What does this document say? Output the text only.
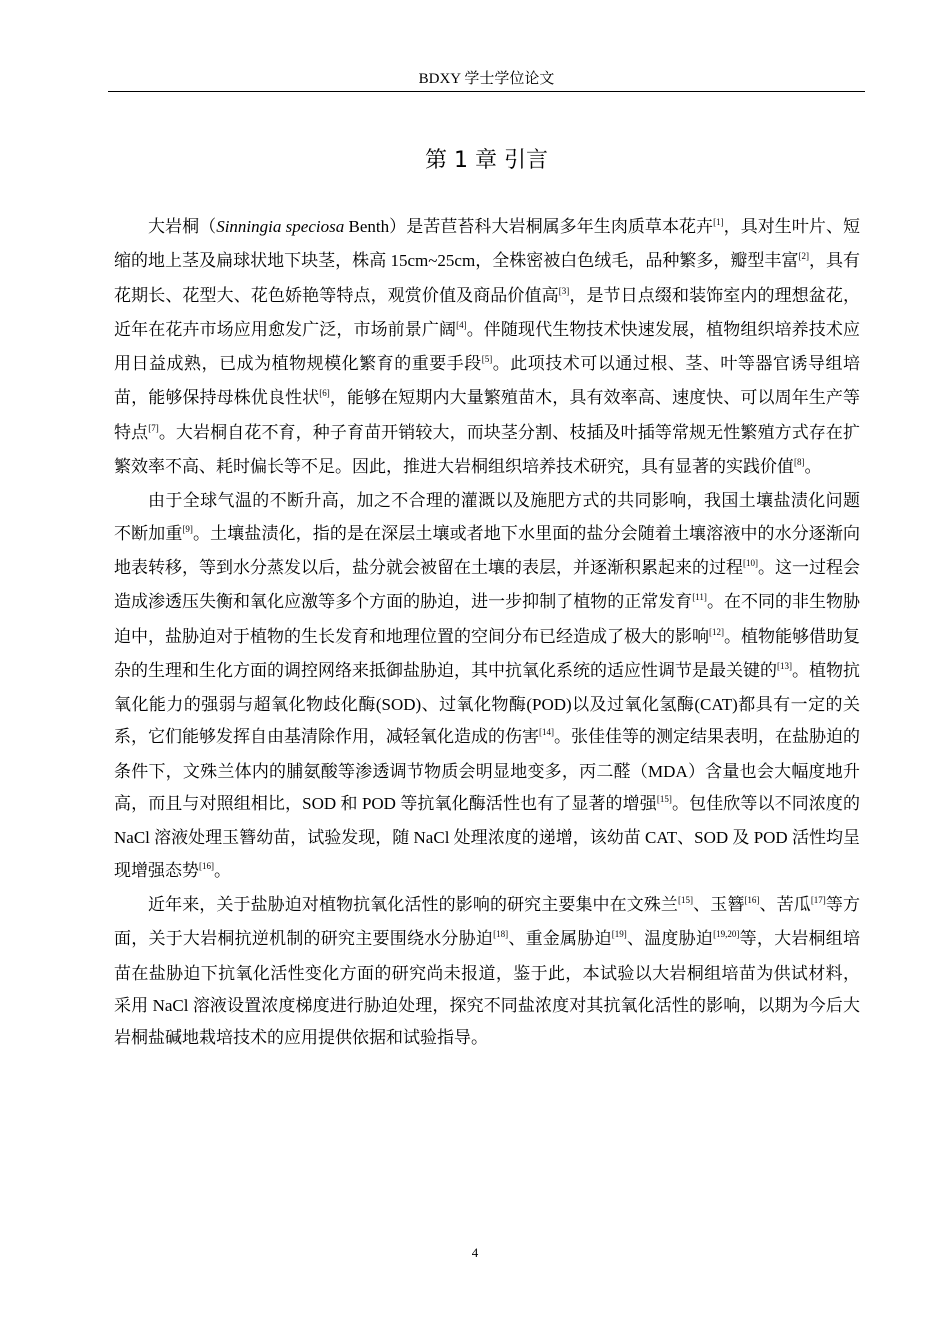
BDXY 学士学位论文
第 1 章 引言

大岩桐（Sinningia speciosa Benth）是苦苣苔科大岩桐属多年生肉质草本花卉[1]，具对生叶片、短缩的地上茎及扁球状地下块茎，株高 15cm~25cm，全株密被白色绒毛，品种繁多，瓣型丰富[2]，具有花期长、花型大、花色娇艳等特点，观赏价值及商品价值高[3]，是节日点缀和装饰室内的理想盆花，近年在花卉市场应用愈发广泛，市场前景广阔[4]。伴随现代生物技术快速发展，植物组织培养技术应用日益成熟，已成为植物规模化繁育的重要手段[5]。此项技术可以通过根、茎、叶等器官诱导组培苗，能够保持母株优良性状[6]，能够在短期内大量繁殖苗木，具有效率高、速度快、可以周年生产等特点[7]。大岩桐自花不育，种子育苗开销较大，而块茎分割、枝插及叶插等常规无性繁殖方式存在扩繁效率不高、耗时偏长等不足。因此，推进大岩桐组织培养技术研究，具有显著的实践价值[8]。

由于全球气温的不断升高，加之不合理的灌溉以及施肥方式的共同影响，我国土壤盐渍化问题不断加重[9]。土壤盐渍化，指的是在深层土壤或者地下水里面的盐分会随着土壤溶液中的水分逐渐向地表转移，等到水分蒸发以后，盐分就会被留在土壤的表层，并逐渐积累起来的过程[10]。这一过程会造成渗透压失衡和氧化应激等多个方面的胁迫，进一步抑制了植物的正常发育[11]。在不同的非生物胁迫中，盐胁迫对于植物的生长发育和地理位置的空间分布已经造成了极大的影响[12]。植物能够借助复杂的生理和生化方面的调控网络来抵御盐胁迫，其中抗氧化系统的适应性调节是最关键的[13]。植物抗氧化能力的强弱与超氧化物歧化酶(SOD)、过氧化物酶(POD)以及过氧化氢酶(CAT)都具有一定的关系，它们能够发挥自由基清除作用，减轻氧化造成的伤害[14]。张佳佳等的测定结果表明，在盐胁迫的条件下，文殊兰体内的脯氨酸等渗透调节物质会明显地变多，丙二醛（MDA）含量也会大幅度地升高，而且与对照组相比，SOD 和 POD 等抗氧化酶活性也有了显著的增强[15]。包佳欣等以不同浓度的 NaCl 溶液处理玉簪幼苗，试验发现，随 NaCl 处理浓度的递增，该幼苗 CAT、SOD 及 POD 活性均呈现增强态势[16]。

近年来，关于盐胁迫对植物抗氧化活性的影响的研究主要集中在文殊兰[15]、玉簪[16]、苦瓜[17]等方面，关于大岩桐抗逆机制的研究主要围绕水分胁迫[18]、重金属胁迫[19]、温度胁迫[19,20]等，大岩桐组培苗在盐胁迫下抗氧化活性变化方面的研究尚未报道，鉴于此，本试验以大岩桐组培苗为供试材料，采用 NaCl 溶液设置浓度梯度进行胁迫处理，探究不同盐浓度对其抗氧化活性的影响，以期为今后大岩桐盐碱地栽培技术的应用提供依据和试验指导。

4
